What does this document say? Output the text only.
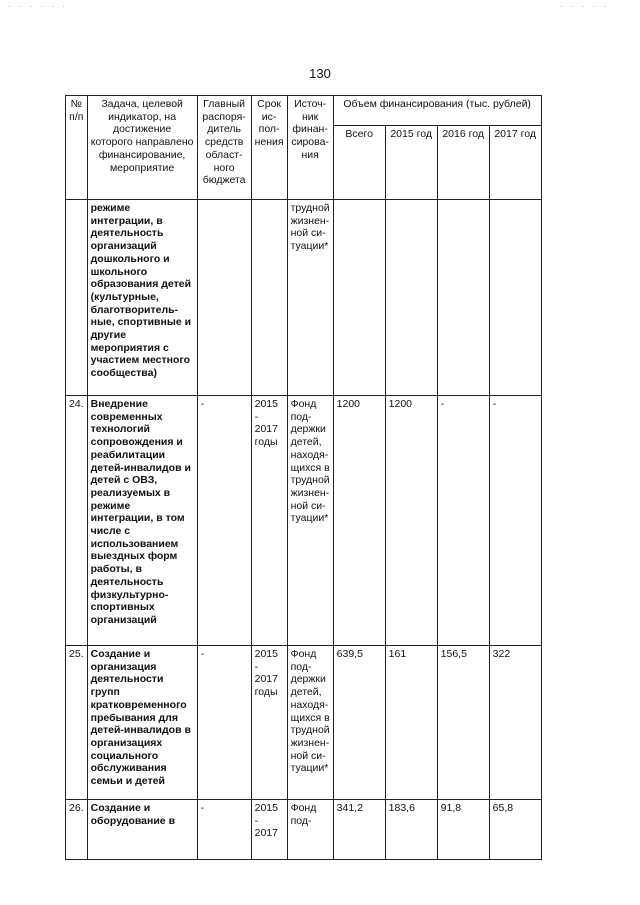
· · · · · ·	· · · · ·
130
№ п/п	Задача, целевой индикатор, на достижение которого направлено финансирование, мероприятие	Главный распоря-дитель средств област-ного бюджета	Срок ис-пол-нения	Источ-ник финан-сирова-ния	Объем финансирования (тыс. рублей)			
					Всего	2015 год	2016 год	2017 год
	режиме интеграции, в деятельность организаций дошкольного и школьного образования детей (культурные, благотворитель-ные, спортивные и другие мероприятия с участием местного сообщества)			трудной жизнен-ной си-туации*				
24.	Внедрение современных технологий сопровождения и реабилитации детей-инвалидов и детей с ОВЗ, реализуемых в режиме интеграции, в том числе с использованием выездных форм работы, в деятельность физкультурно-спортивных организаций	-	2015 - 2017 годы	Фонд под-держки детей, находя-щихся в трудной жизнен-ной си-туации*	1200	1200	-	-
25.	Создание и организация деятельности групп кратковременного пребывания для детей-инвалидов в организациях социального обслуживания семьи и детей	-	2015 - 2017 годы	Фонд под-держки детей, находя-щихся в трудной жизнен-ной си-туации*	639,5	161	156,5	322
26.	Создание и оборудование в	-	2015 - 2017	Фонд под-	341,2	183,6	91,8	65,8
